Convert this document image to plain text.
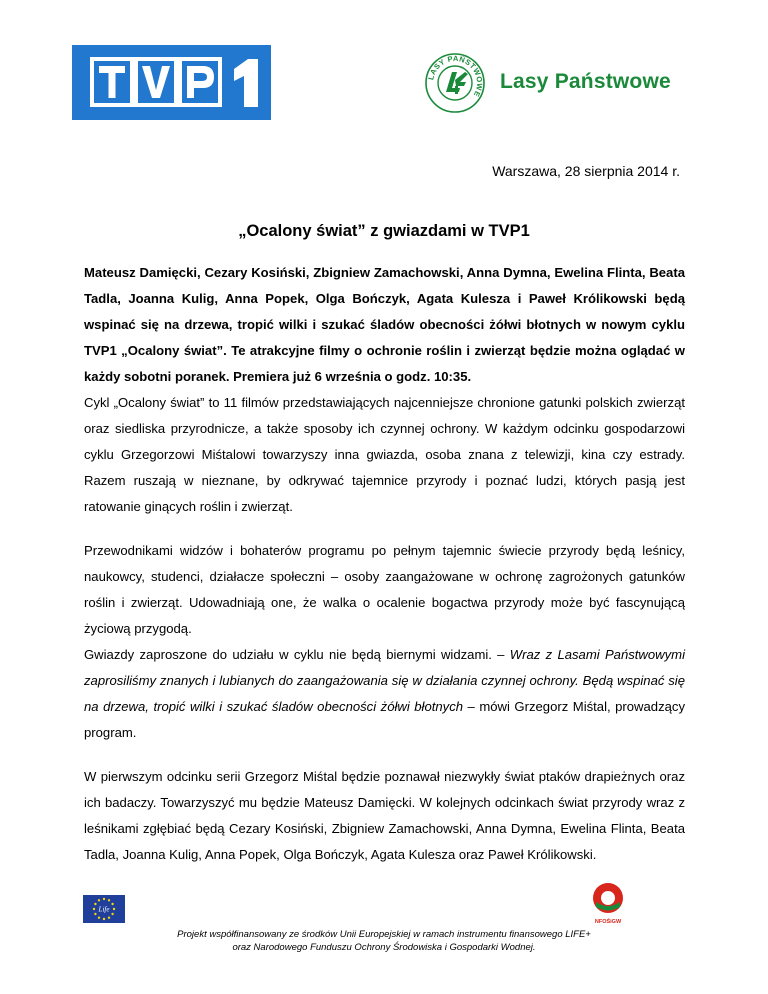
LASY PAŃSTWOWE
Lasy Państwowe
Warszawa, 28 sierpnia 2014 r.
„Ocalony świat” z gwiazdami w TVP1

Mateusz Damięcki, Cezary Kosiński, Zbigniew Zamachowski, Anna Dymna, Ewelina Flinta, Beata Tadla, Joanna Kulig, Anna Popek, Olga Bończyk, Agata Kulesza i Paweł Królikowski będą wspinać się na drzewa, tropić wilki i szukać śladów obecności żółwi błotnych w nowym cyklu TVP1 „Ocalony świat”. Te atrakcyjne filmy o ochronie roślin i zwierząt będzie można oglądać w każdy sobotni poranek. Premiera już 6 września o godz. 10:35.

Cykl „Ocalony świat” to 11 filmów przedstawiających najcenniejsze chronione gatunki polskich zwierząt oraz siedliska przyrodnicze, a także sposoby ich czynnej ochrony. W każdym odcinku gospodarzowi cyklu Grzegorzowi Miśtalowi towarzyszy inna gwiazda, osoba znana z telewizji, kina czy estrady. Razem ruszają w nieznane, by odkrywać tajemnice przyrody i poznać ludzi, których pasją jest ratowanie ginących roślin i zwierząt.

Przewodnikami widzów i bohaterów programu po pełnym tajemnic świecie przyrody będą leśnicy, naukowcy, studenci, działacze społeczni – osoby zaangażowane w ochronę zagrożonych gatunków roślin i zwierząt. Udowadniają one, że walka o ocalenie bogactwa przyrody może być fascynującą życiową przygodą.

Gwiazdy zaproszone do udziału w cyklu nie będą biernymi widzami. – Wraz z Lasami Państwowymi zaprosiliśmy znanych i lubianych do zaangażowania się w działania czynnej ochrony. Będą wspinać się na drzewa, tropić wilki i szukać śladów obecności żółwi błotnych – mówi Grzegorz Miśtal, prowadzący program.

W pierwszym odcinku serii Grzegorz Miśtal będzie poznawał niezwykły świat ptaków drapieżnych oraz ich badaczy. Towarzyszyć mu będzie Mateusz Damięcki. W kolejnych odcinkach świat przyrody wraz z leśnikami zgłębiać będą Cezary Kosiński, Zbigniew Zamachowski, Anna Dymna, Ewelina Flinta, Beata Tadla, Joanna Kulig, Anna Popek, Olga Bończyk, Agata Kulesza oraz Paweł Królikowski.

Life
NFOŚiGW
Projekt współfinansowany ze środków Unii Europejskiej w ramach instrumentu finansowego LIFE+
oraz Narodowego Funduszu Ochrony Środowiska i Gospodarki Wodnej.
